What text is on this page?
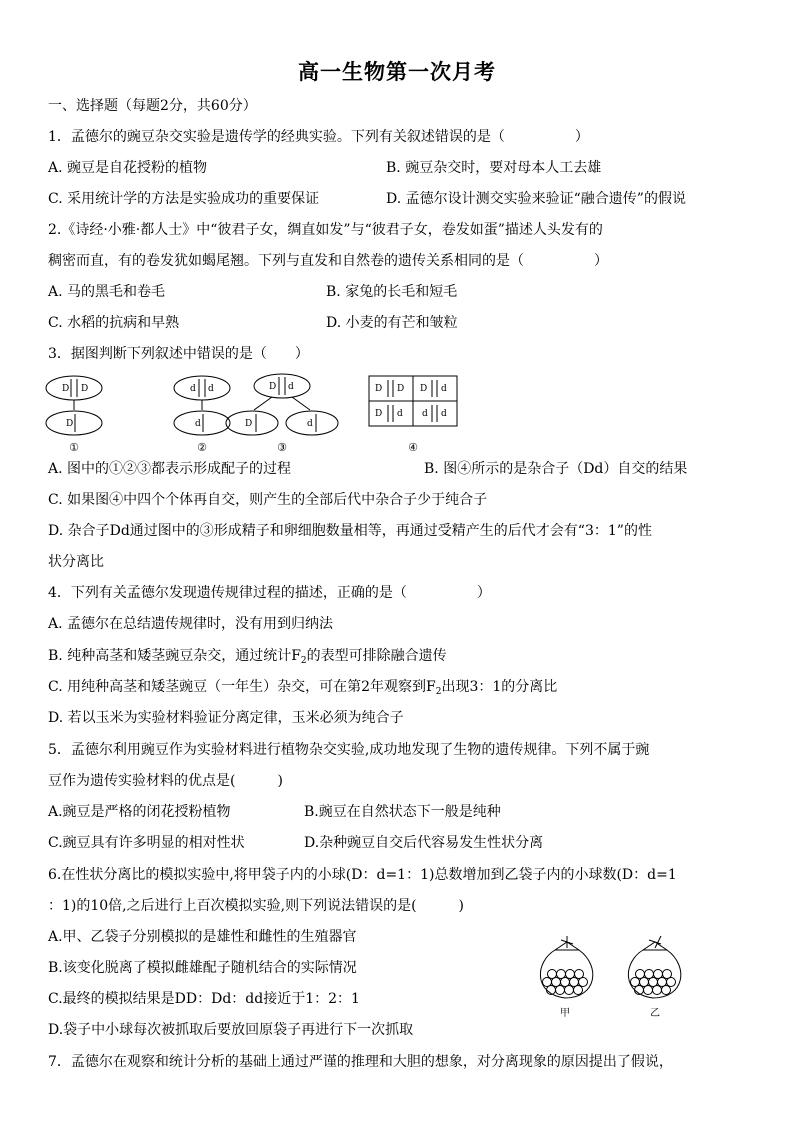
高一生物第一次月考
一、选择题（每题2分，共60分）
1．孟德尔的豌豆杂交实验是遗传学的经典实验。下列有关叙述错误的是（　　　　　）
A. 豌豆是自花授粉的植物	B. 豌豆杂交时，要对母本人工去雄
C. 采用统计学的方法是实验成功的重要保证	D. 孟德尔设计测交实验来验证“融合遗传”的假说
2.《诗经·小雅·都人士》中“彼君子女，绸直如发”与“彼君子女，卷发如蛋”描述人头发有的
稠密而直，有的卷发犹如蝎尾翘。下列与直发和自然卷的遗传关系相同的是（　　　　　）
A. 马的黑毛和卷毛	B. 家兔的长毛和短毛
C. 水稻的抗病和早熟	D. 小麦的有芒和皱粒
3．据图判断下列叙述中错误的是（　　）
D D
D
d d
d
D d
D	d
D D D d
D d d d
①	②	③	④
A. 图中的①②③都表示形成配子的过程	B. 图④所示的是杂合子（Dd）自交的结果
C. 如果图④中四个个体再自交，则产生的全部后代中杂合子少于纯合子
D. 杂合子Dd通过图中的③形成精子和卵细胞数量相等，再通过受精产生的后代才会有“3：1”的性
状分离比
4．下列有关孟德尔发现遗传规律过程的描述，正确的是（　　　　　）
A. 孟德尔在总结遗传规律时，没有用到归纳法
B. 纯种高茎和矮茎豌豆杂交，通过统计$F_2$的表型可排除融合遗传
C. 用纯种高茎和矮茎豌豆（一年生）杂交，可在第2年观察到$F_2$出现3：1的分离比
D. 若以玉米为实验材料验证分离定律，玉米必须为纯合子
5．孟德尔利用豌豆作为实验材料进行植物杂交实验,成功地发现了生物的遗传规律。下列不属于豌
豆作为遗传实验材料的优点是(　　　)
A.豌豆是严格的闭花授粉植物	B.豌豆在自然状态下一般是纯种
C.豌豆具有许多明显的相对性状	D.杂种豌豆自交后代容易发生性状分离
6.在性状分离比的模拟实验中,将甲袋子内的小球(D：d=1：1)总数增加到乙袋子内的小球数(D：d=1
：1)的10倍,之后进行上百次模拟实验,则下列说法错误的是(　　　)
A.甲、乙袋子分别模拟的是雄性和雌性的生殖器官
B.该变化脱离了模拟雌雄配子随机结合的实际情况
C.最终的模拟结果是DD：Dd：dd接近于1：2：1
D.袋子中小球每次被抓取后要放回原袋子再进行下一次抓取
甲	乙
7．孟德尔在观察和统计分析的基础上通过严谨的推理和大胆的想象，对分离现象的原因提出了假说，
